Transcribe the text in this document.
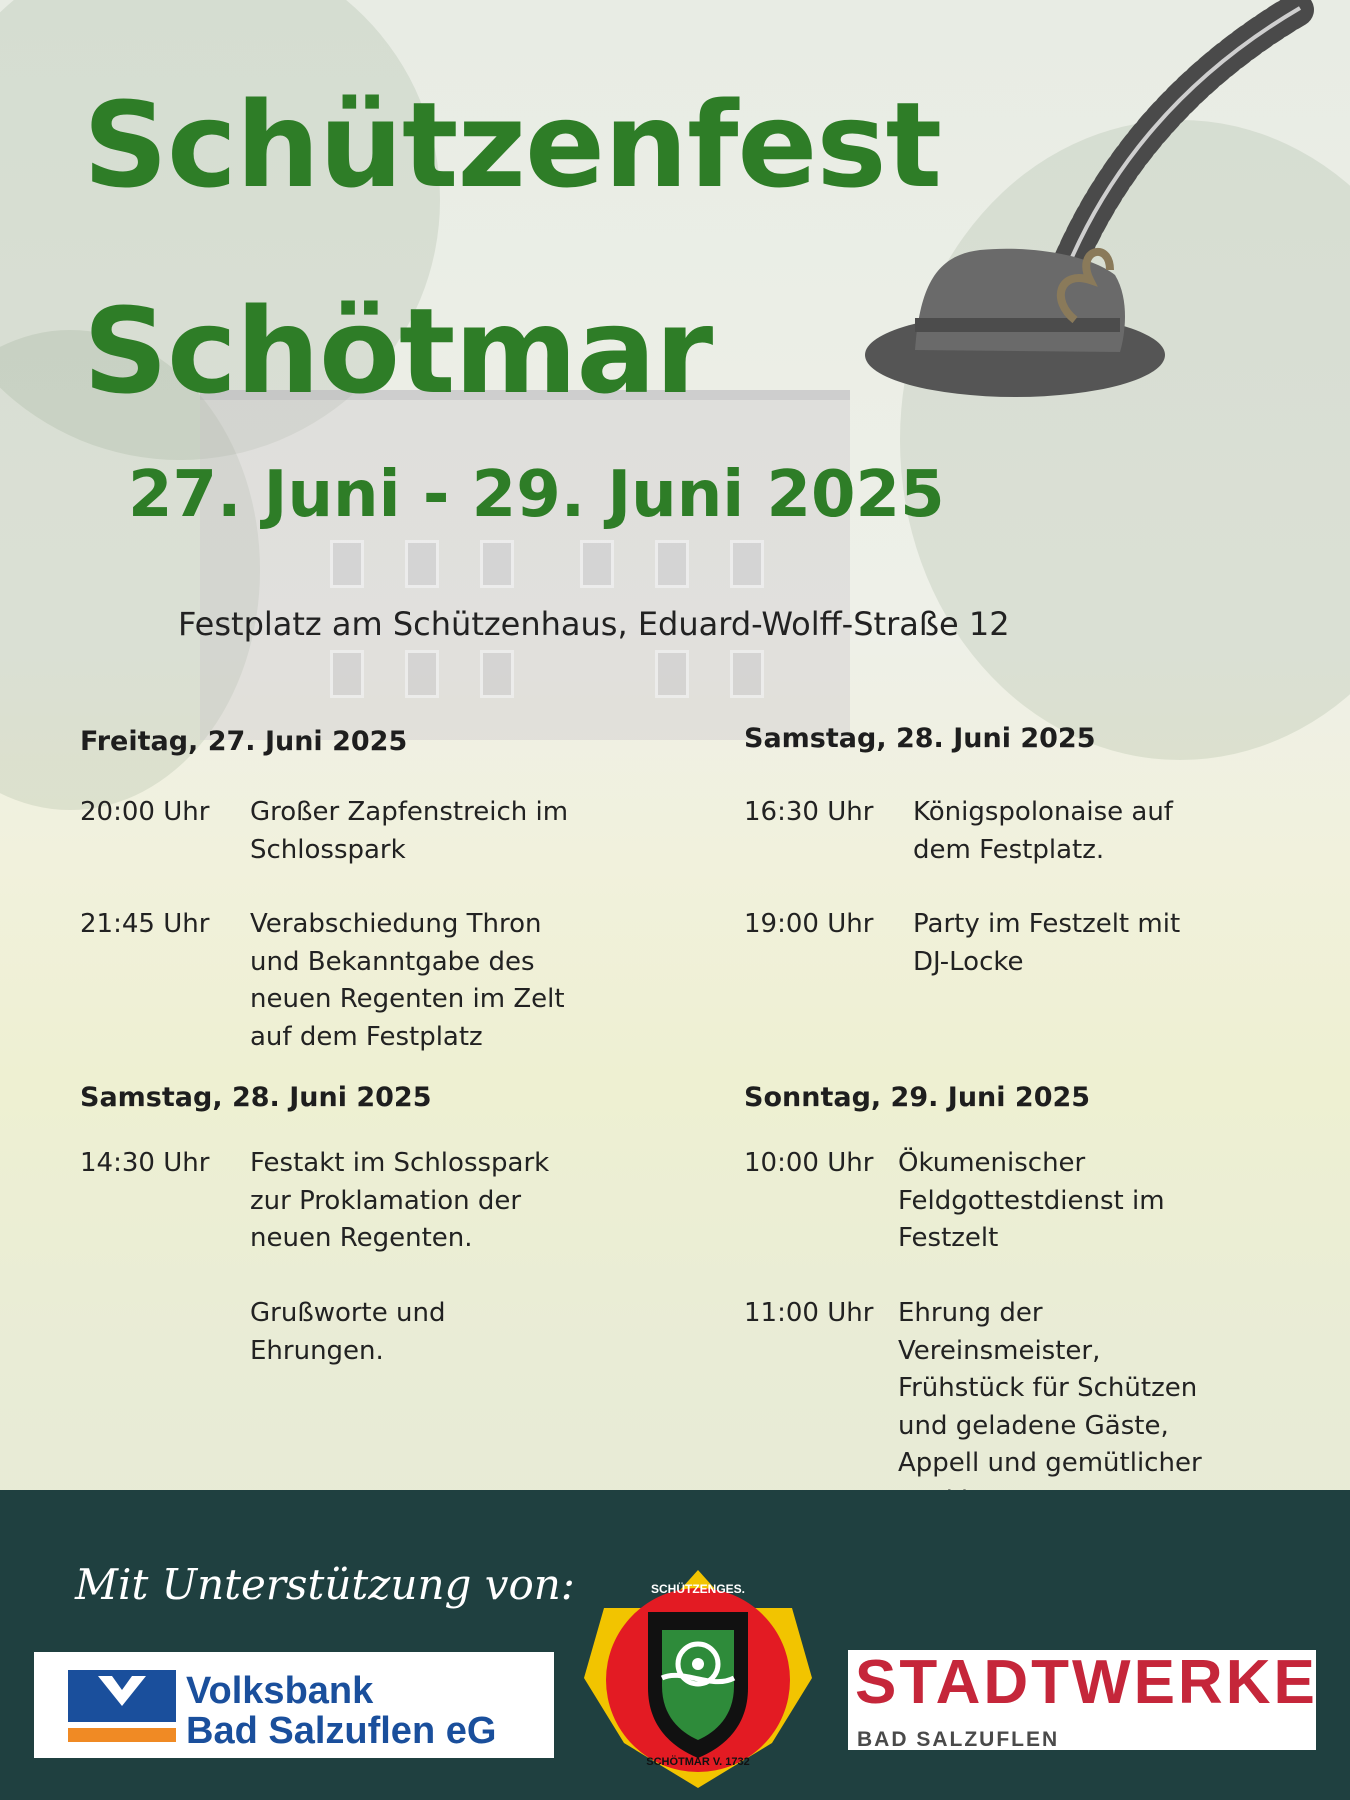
Schützenfest
Schötmar
27. Juni - 29. Juni 2025
Festplatz am Schützenhaus, Eduard-Wolff-Straße 12
Freitag, 27. Juni 2025
20:00 Uhr Großer Zapfenstreich im
Schlosspark
21:45 Uhr Verabschiedung Thron
und Bekanntgabe des
neuen Regenten im Zelt
auf dem Festplatz
Samstag, 28. Juni 2025
14:30 Uhr Festakt im Schlosspark
zur Proklamation der
neuen Regenten.

Grußworte und
Ehrungen.
Samstag, 28. Juni 2025
16:30 Uhr Königspolonaise auf
dem Festplatz.
19:00 Uhr Party im Festzelt mit
DJ-Locke
Sonntag, 29. Juni 2025
10:00 Uhr Ökumenischer
Feldgottestdienst im
Festzelt
11:00 Uhr Ehrung der
Vereinsmeister,
Frühstück für Schützen
und geladene Gäste,
Appell und gemütlicher

Mit Unterstützung von:
Volksbank
Bad Salzuflen eG
SCHÜTZENGES.
SCHÖTMAR V. 1732
STADTWERKE
BAD SALZUFLEN
